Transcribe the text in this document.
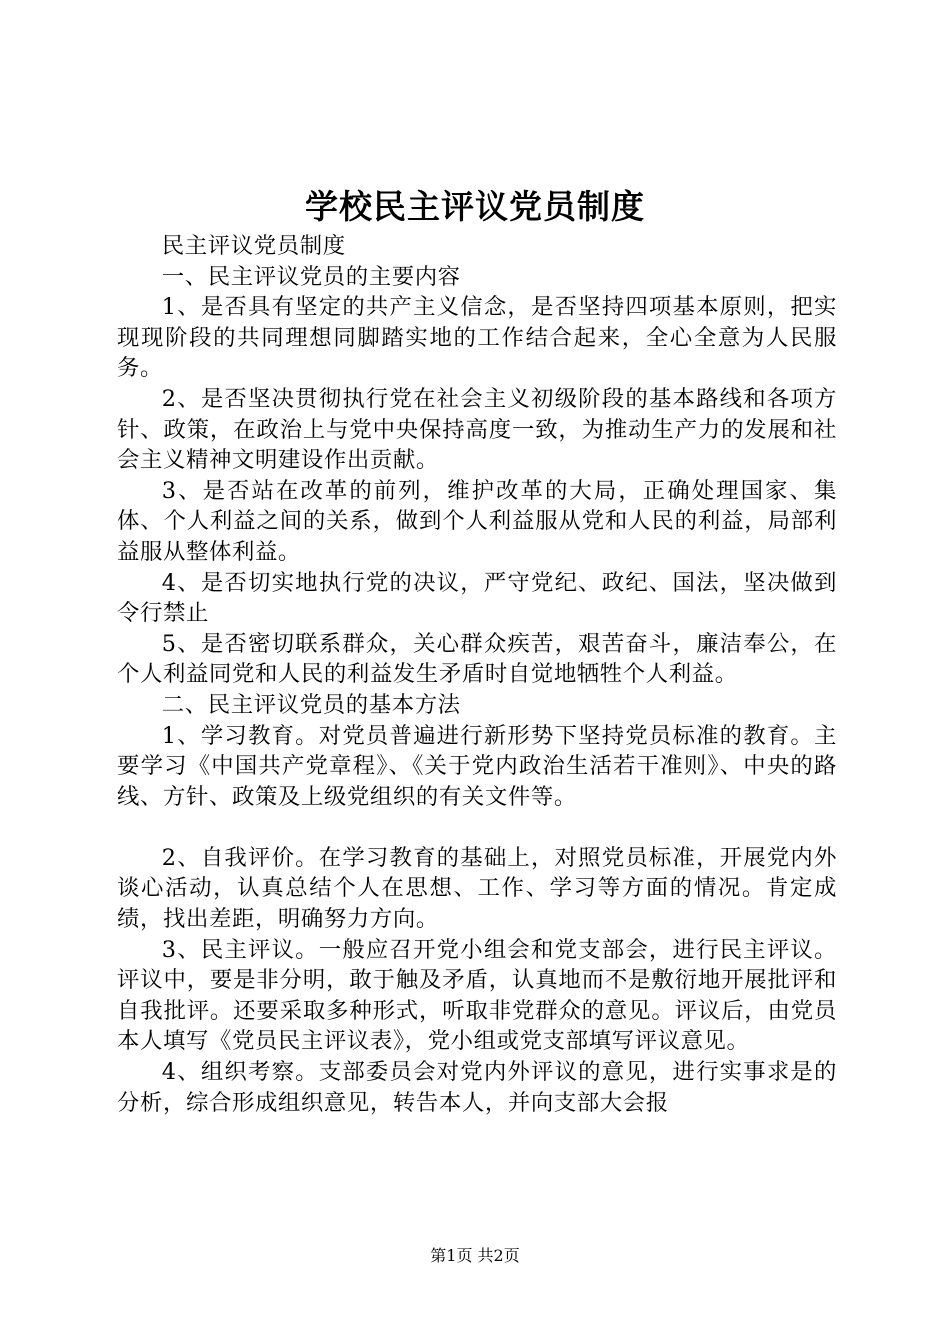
学校民主评议党员制度

民主评议党员制度

一、民主评议党员的主要内容

1、是否具有坚定的共产主义信念，是否坚持四项基本原则，把实现现阶段的共同理想同脚踏实地的工作结合起来，全心全意为人民服务。

2、是否坚决贯彻执行党在社会主义初级阶段的基本路线和各项方针、政策，在政治上与党中央保持高度一致，为推动生产力的发展和社会主义精神文明建设作出贡献。

3、是否站在改革的前列，维护改革的大局，正确处理国家、集体、个人利益之间的关系，做到个人利益服从党和人民的利益，局部利益服从整体利益。

4、是否切实地执行党的决议，严守党纪、政纪、国法，坚决做到令行禁止

5、是否密切联系群众，关心群众疾苦，艰苦奋斗，廉洁奉公，在个人利益同党和人民的利益发生矛盾时自觉地牺牲个人利益。

二、民主评议党员的基本方法

1、学习教育。对党员普遍进行新形势下坚持党员标准的教育。主要学习《中国共产党章程》、《关于党内政治生活若干准则》、中央的路线、方针、政策及上级党组织的有关文件等。

2、自我评价。在学习教育的基础上，对照党员标准，开展党内外谈心活动，认真总结个人在思想、工作、学习等方面的情况。肯定成绩，找出差距，明确努力方向。

3、民主评议。一般应召开党小组会和党支部会，进行民主评议。评议中，要是非分明，敢于触及矛盾，认真地而不是敷衍地开展批评和自我批评。还要采取多种形式，听取非党群众的意见。评议后，由党员本人填写《党员民主评议表》，党小组或党支部填写评议意见。

4、组织考察。支部委员会对党内外评议的意见，进行实事求是的分析，综合形成组织意见，转告本人，并向支部大会报

第1页 共2页
